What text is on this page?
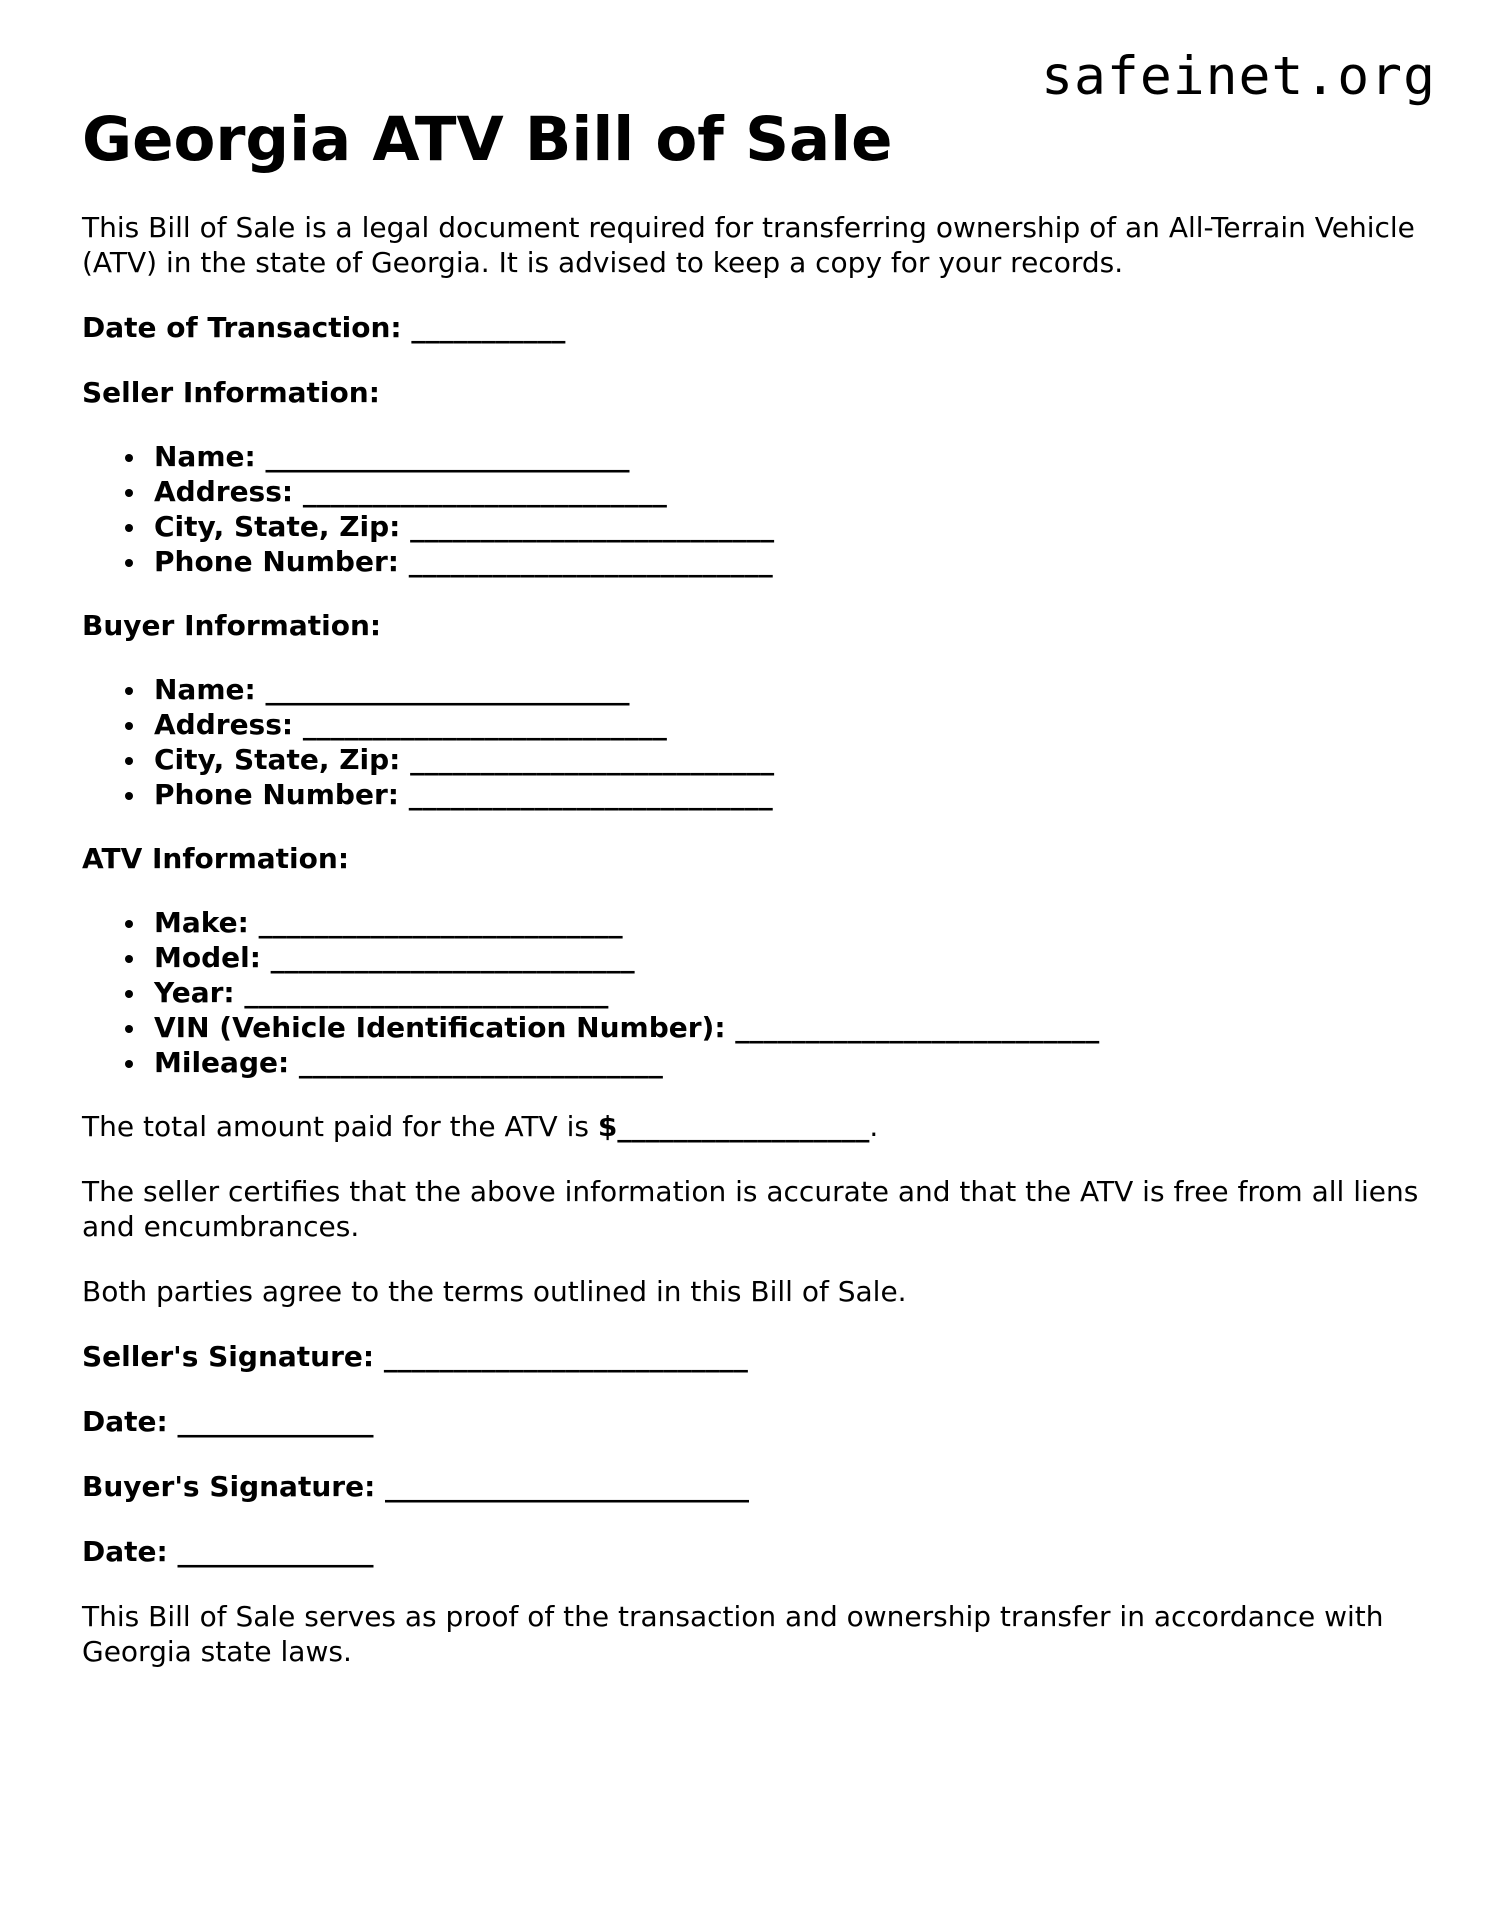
safeinet.org
Georgia ATV Bill of Sale

This Bill of Sale is a legal document required for transferring ownership of an All-Terrain Vehicle (ATV) in the state of Georgia. It is advised to keep a copy for your records.

Date of Transaction: ___________

Seller Information:

Name: __________________________
Address: __________________________
City, State, Zip: __________________________
Phone Number: __________________________

Buyer Information:

Name: __________________________
Address: __________________________
City, State, Zip: __________________________
Phone Number: __________________________

ATV Information:

Make: __________________________
Model: __________________________
Year: __________________________
VIN (Vehicle Identification Number): __________________________
Mileage: __________________________

The total amount paid for the ATV is $__________________.

The seller certifies that the above information is accurate and that the ATV is free from all liens and encumbrances.

Both parties agree to the terms outlined in this Bill of Sale.

Seller's Signature: __________________________

Date: ______________

Buyer's Signature: __________________________

Date: ______________

This Bill of Sale serves as proof of the transaction and ownership transfer in accordance with Georgia state laws.
